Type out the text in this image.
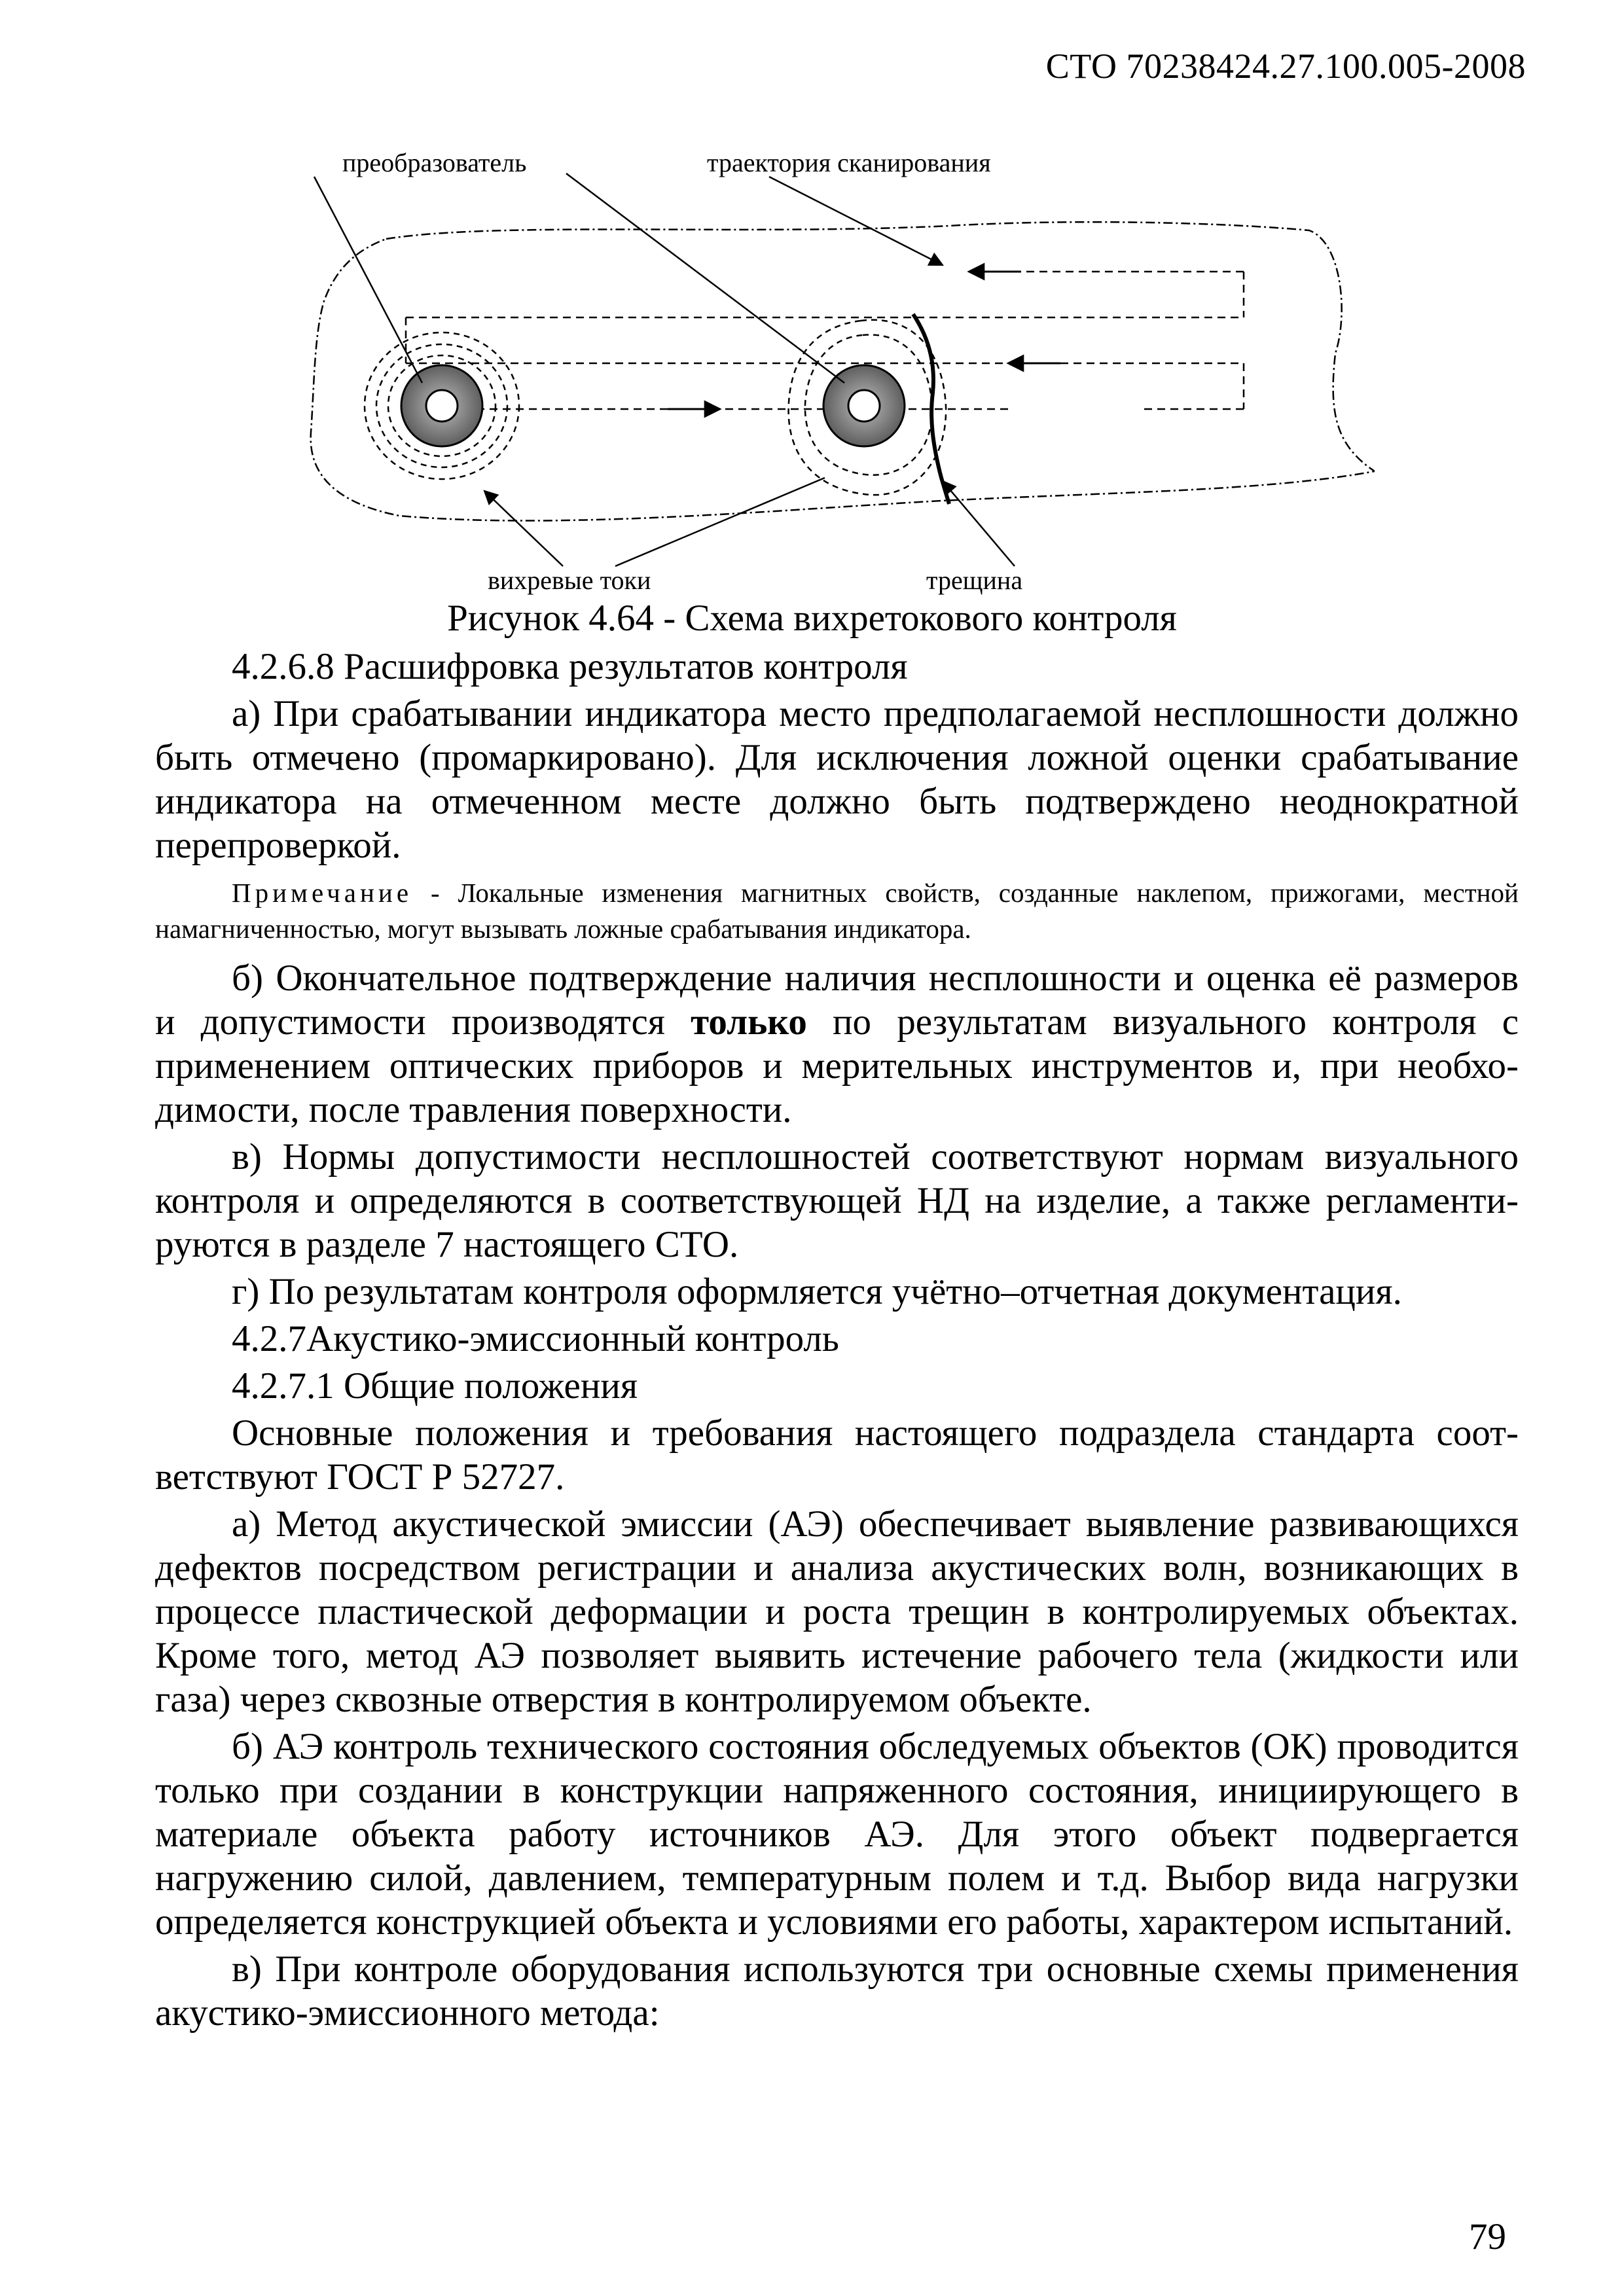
СТО 70238424.27.100.005-2008
преобразователь	траектория сканирования
вихревые токи	трещина
Рисунок 4.64 - Схема вихретокового контроля

4.2.6.8 Расшифровка результатов контроля

а) При срабатывании индикатора место предполагаемой несплошности должно быть отмечено (промаркировано). Для исключения ложной оценки срабатывание индикатора на отмеченном месте должно быть подтверждено неоднократной перепроверкой.

Примечание - Локальные изменения магнитных свойств, созданные наклепом, прижогами, местной намагниченностью, могут вызывать ложные срабатывания индикатора.

б) Окончательное подтверждение наличия несплошности и оценка её размеров и допустимости производятся только по результатам визуального контроля с применением оптических приборов и мерительных инструментов и, при необходимости, после травления поверхности.

в) Нормы допустимости несплошностей соответствуют нормам визуального контроля и определяются в соответствующей НД на изделие, а также регламентируются в разделе 7 настоящего СТО.

г) По результатам контроля оформляется учётно–отчетная документация.

4.2.7Акустико-эмиссионный контроль

4.2.7.1 Общие положения

Основные положения и требования настоящего подраздела стандарта соответствуют ГОСТ Р 52727.

а) Метод акустической эмиссии (АЭ) обеспечивает выявление развивающихся дефектов посредством регистрации и анализа акустических волн, возникающих в процессе пластической деформации и роста трещин в контролируемых объектах. Кроме того, метод АЭ позволяет выявить истечение рабочего тела (жидкости или газа) через сквозные отверстия в контролируемом объекте.

б) АЭ контроль технического состояния обследуемых объектов (ОК) проводится только при создании в конструкции напряженного состояния, инициирующего в материале объекта работу источников АЭ. Для этого объект подвергается нагружению силой, давлением, температурным полем и т.д. Выбор вида нагрузки определяется конструкцией объекта и условиями его работы, характером испытаний.

в) При контроле оборудования используются три основные схемы применения акустико-эмиссионного метода:

79
